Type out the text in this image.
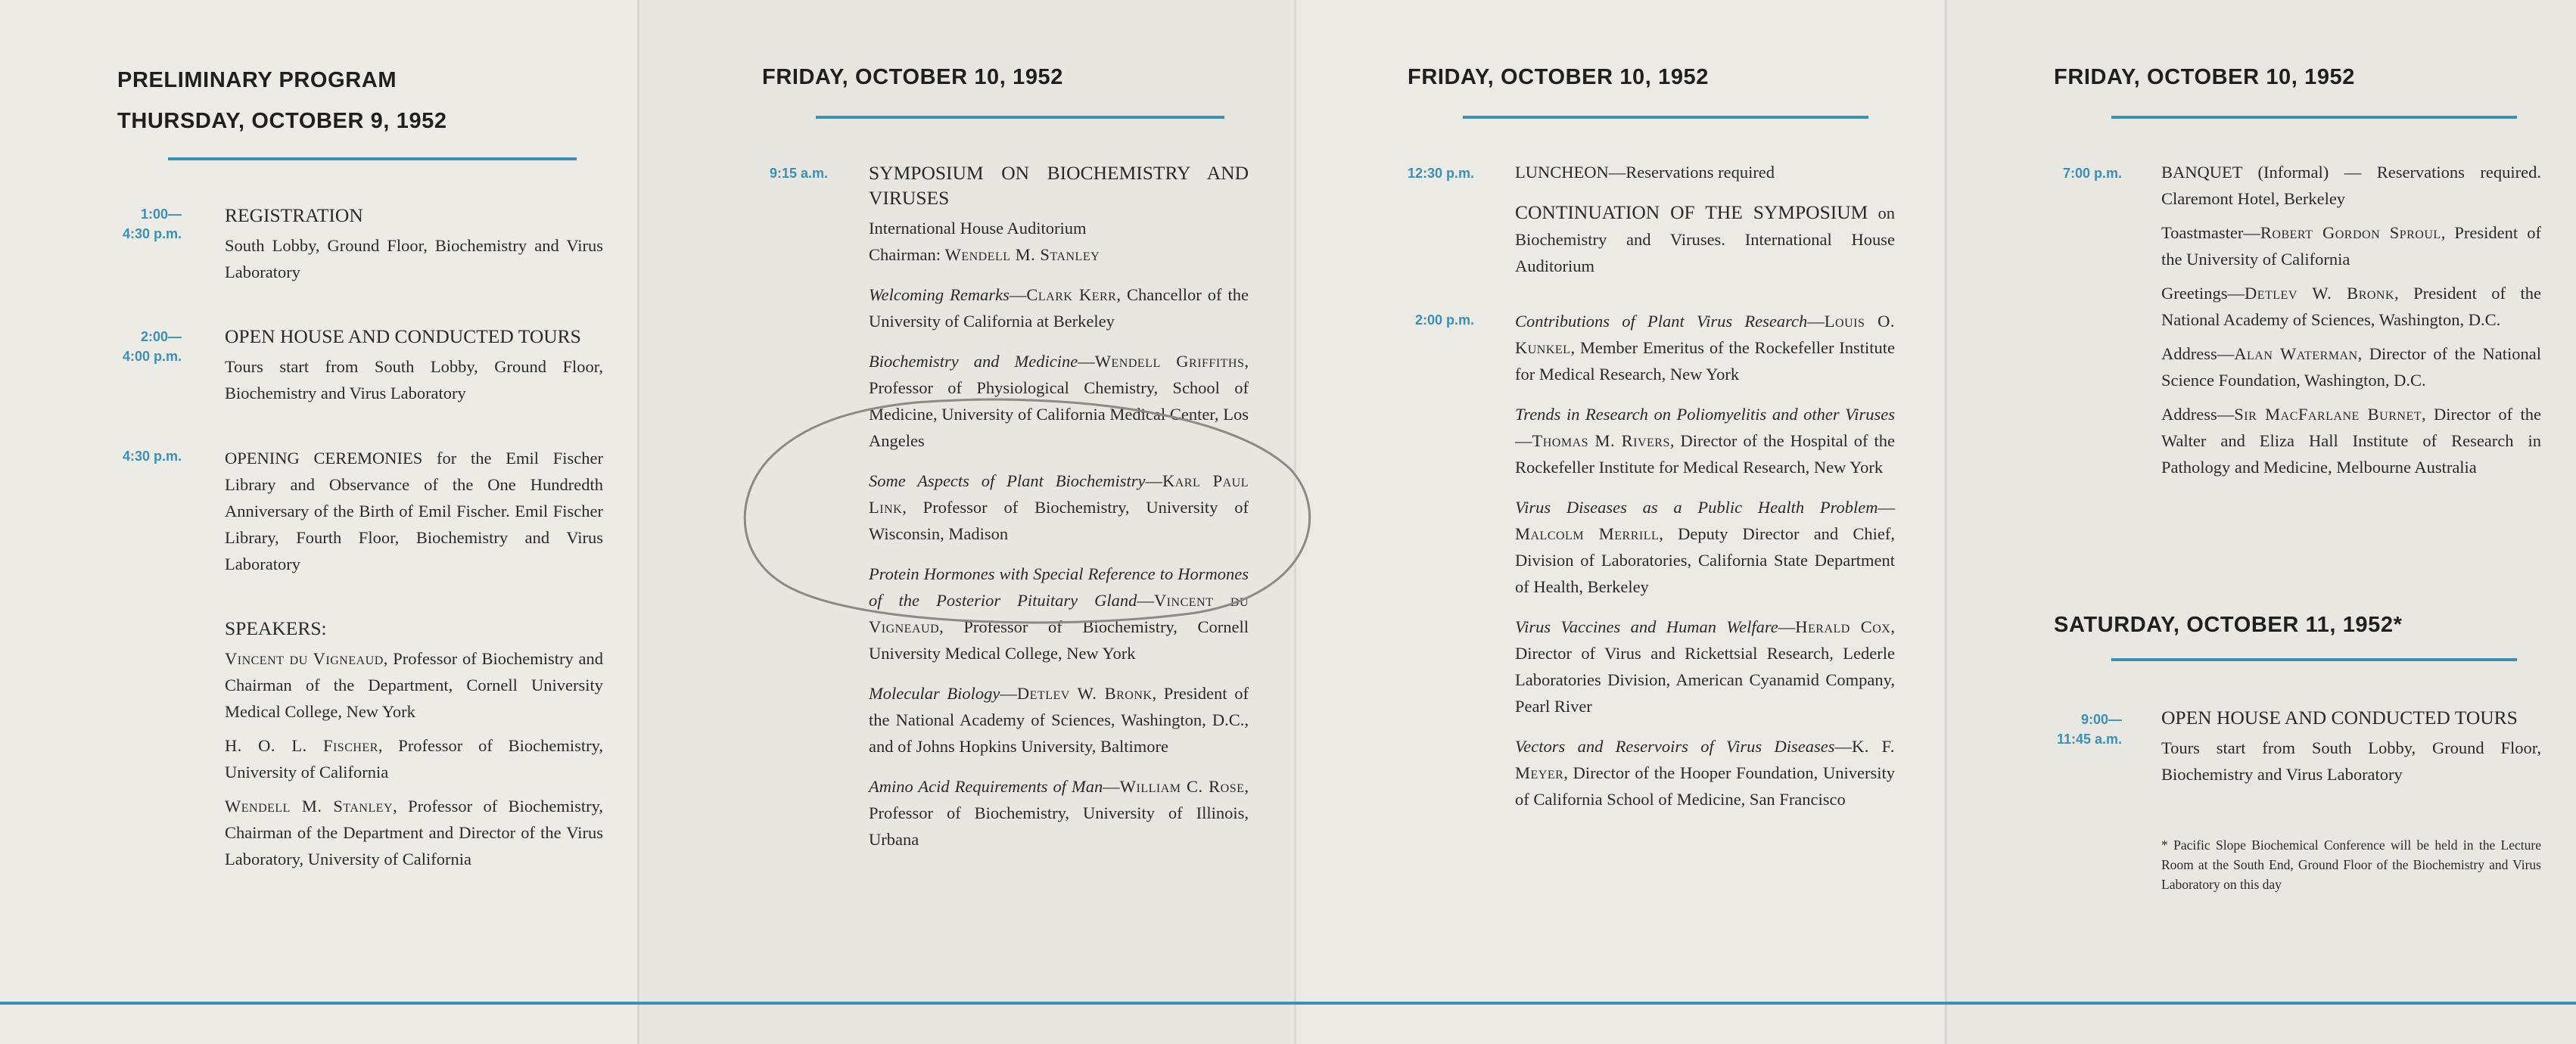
PRELIMINARY PROGRAM
THURSDAY, OCTOBER 9, 1952
1:00—
4:30 p.m.
REGISTRATION
South Lobby, Ground Floor, Biochemistry and Virus Laboratory
2:00—
4:00 p.m.
OPEN HOUSE AND CONDUCTED TOURS
Tours start from South Lobby, Ground Floor, Biochemistry and Virus Laboratory
4:30 p.m.	OPENING CEREMONIES for the Emil Fischer Library and Observance of the One Hundredth Anniversary of the Birth of Emil Fischer. Emil Fischer Library, Fourth Floor, Biochemistry and Virus Laboratory
SPEAKERS:
Vincent du Vigneaud, Professor of Biochemistry and Chairman of the Department, Cornell University Medical College, New York
H. O. L. Fischer, Professor of Biochemistry, University of California
Wendell M. Stanley, Professor of Biochemistry, Chairman of the Department and Director of the Virus Laboratory, University of California
FRIDAY, OCTOBER 10, 1952
9:15 a.m. SYMPOSIUM ON BIOCHEMISTRY AND VIRUSES
International House Auditorium
Chairman: Wendell M. Stanley
Welcoming Remarks—Clark Kerr, Chancellor of the University of California at Berkeley
Biochemistry and Medicine—Wendell Griffiths, Professor of Physiological Chemistry, School of Medicine, University of California Medical Center, Los Angeles
Some Aspects of Plant Biochemistry—Karl Paul Link, Professor of Biochemistry, University of Wisconsin, Madison
Protein Hormones with Special Reference to Hormones of the Posterior Pituitary Gland—Vincent du Vigneaud, Professor of Biochemistry, Cornell University Medical College, New York
Molecular Biology—Detlev W. Bronk, President of the National Academy of Sciences, Washington, D.C., and of Johns Hopkins University, Baltimore
Amino Acid Requirements of Man—William C. Rose, Professor of Biochemistry, University of Illinois, Urbana
FRIDAY, OCTOBER 10, 1952
12:30 p.m. LUNCHEON—Reservations required
CONTINUATION OF THE SYMPOSIUM on Biochemistry and Viruses. International House Auditorium
2:00 p.m. Contributions of Plant Virus Research—Louis O. Kunkel, Member Emeritus of the Rockefeller Institute for Medical Research, New York
Trends in Research on Poliomyelitis and other Viruses—Thomas M. Rivers, Director of the Hospital of the Rockefeller Institute for Medical Research, New York
Virus Diseases as a Public Health Problem—Malcolm Merrill, Deputy Director and Chief, Division of Laboratories, California State Department of Health, Berkeley
Virus Vaccines and Human Welfare—Herald Cox, Director of Virus and Rickettsial Research, Lederle Laboratories Division, American Cyanamid Company, Pearl River
Vectors and Reservoirs of Virus Diseases—K. F. Meyer, Director of the Hooper Foundation, University of California School of Medicine, San Francisco
FRIDAY, OCTOBER 10, 1952
7:00 p.m. BANQUET (Informal) — Reservations required. Claremont Hotel, Berkeley
Toastmaster—Robert Gordon Sproul, President of the University of California
Greetings—Detlev W. Bronk, President of the National Academy of Sciences, Washington, D.C.
Address—Alan Waterman, Director of the National Science Foundation, Washington, D.C.
Address—Sir MacFarlane Burnet, Director of the Walter and Eliza Hall Institute of Research in Pathology and Medicine, Melbourne Australia
SATURDAY, OCTOBER 11, 1952*
9:00—
11:45 a.m.
OPEN HOUSE AND CONDUCTED TOURS
Tours start from South Lobby, Ground Floor, Biochemistry and Virus Laboratory
* Pacific Slope Biochemical Conference will be held in the Lecture Room at the South End, Ground Floor of the Biochemistry and Virus Laboratory on this day
